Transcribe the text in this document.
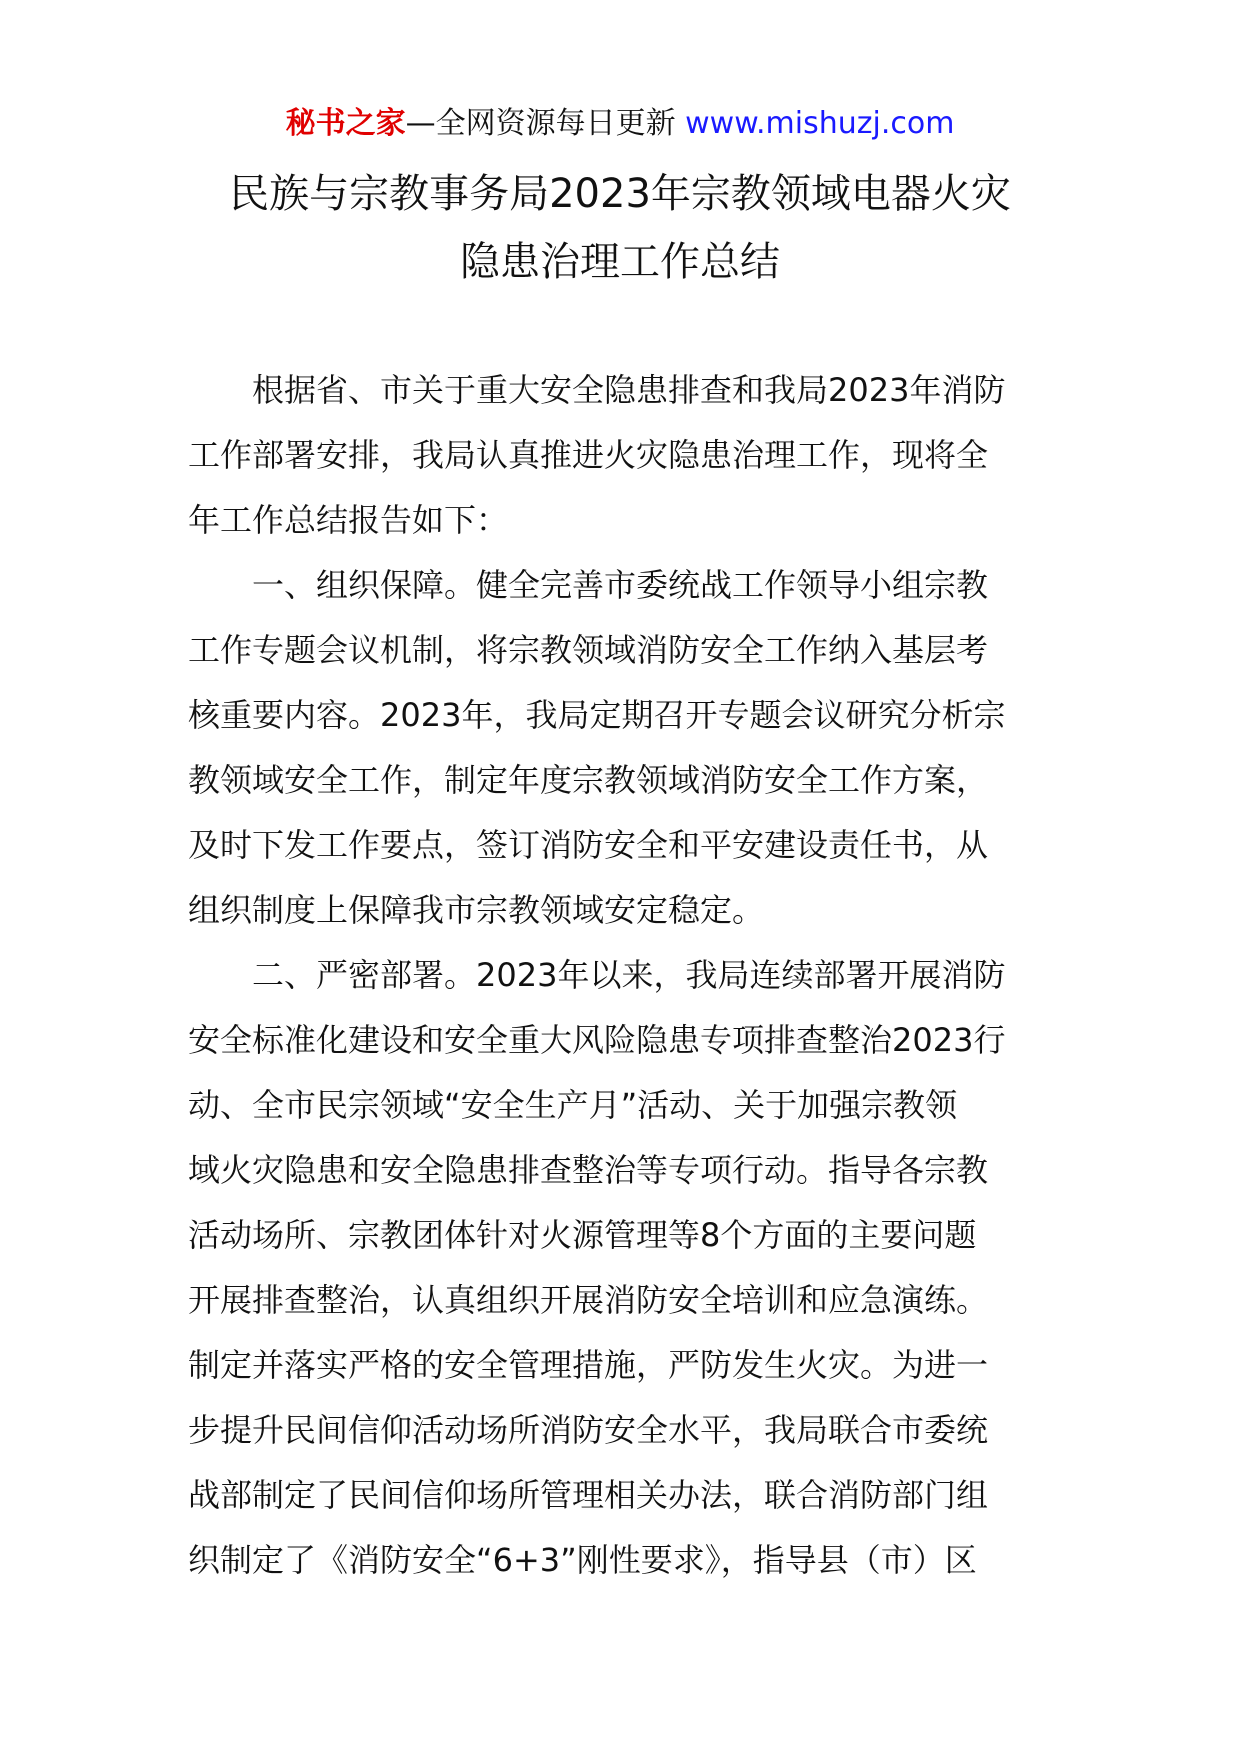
秘书之家—全网资源每日更新 www.mishuzj.com
民族与宗教事务局2023年宗教领域电器火灾
隐患治理工作总结

根据省、市关于重大安全隐患排查和我局2023年消防
工作部署安排，我局认真推进火灾隐患治理工作，现将全
年工作总结报告如下：

一、组织保障。健全完善市委统战工作领导小组宗教
工作专题会议机制，将宗教领域消防安全工作纳入基层考
核重要内容。2023年，我局定期召开专题会议研究分析宗
教领域安全工作，制定年度宗教领域消防安全工作方案，
及时下发工作要点，签订消防安全和平安建设责任书，从
组织制度上保障我市宗教领域安定稳定。

二、严密部署。2023年以来，我局连续部署开展消防
安全标准化建设和安全重大风险隐患专项排查整治2023行
动、全市民宗领域“安全生产月”活动、关于加强宗教领
域火灾隐患和安全隐患排查整治等专项行动。指导各宗教
活动场所、宗教团体针对火源管理等8个方面的主要问题
开展排查整治，认真组织开展消防安全培训和应急演练。
制定并落实严格的安全管理措施，严防发生火灾。为进一
步提升民间信仰活动场所消防安全水平，我局联合市委统
战部制定了民间信仰场所管理相关办法，联合消防部门组
织制定了《消防安全“6+3”刚性要求》，指导县（市）区
